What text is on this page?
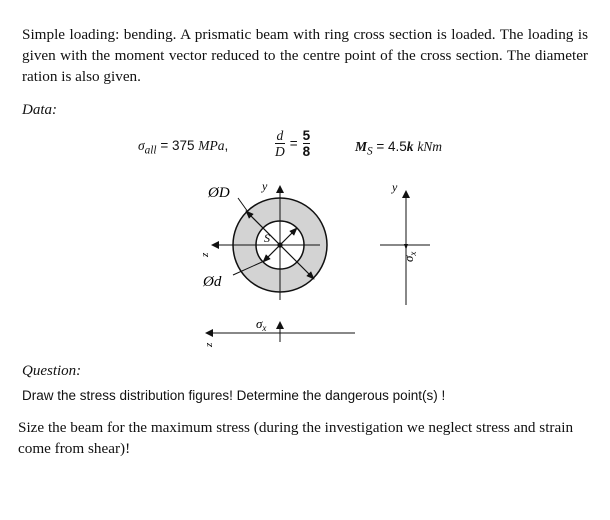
Simple loading: bending. A prismatic beam with ring cross section is loaded. The loading is given with the moment vector reduced to the centre point of the cross section. The diameter ration is also given.
Data:
$\sigma_{all} = 375$ MPa,	$\frac{d}{D} = \frac{5}{8}$	$M_S = 4.5k$ kNm
ØD
Ød
S
y	y
z
z
$\sigma_x$
$\sigma_x$
Question:
Draw the stress distribution figures! Determine the dangerous point(s) !
Size the beam for the maximum stress (during the investigation we neglect stress and strain come from shear)!
